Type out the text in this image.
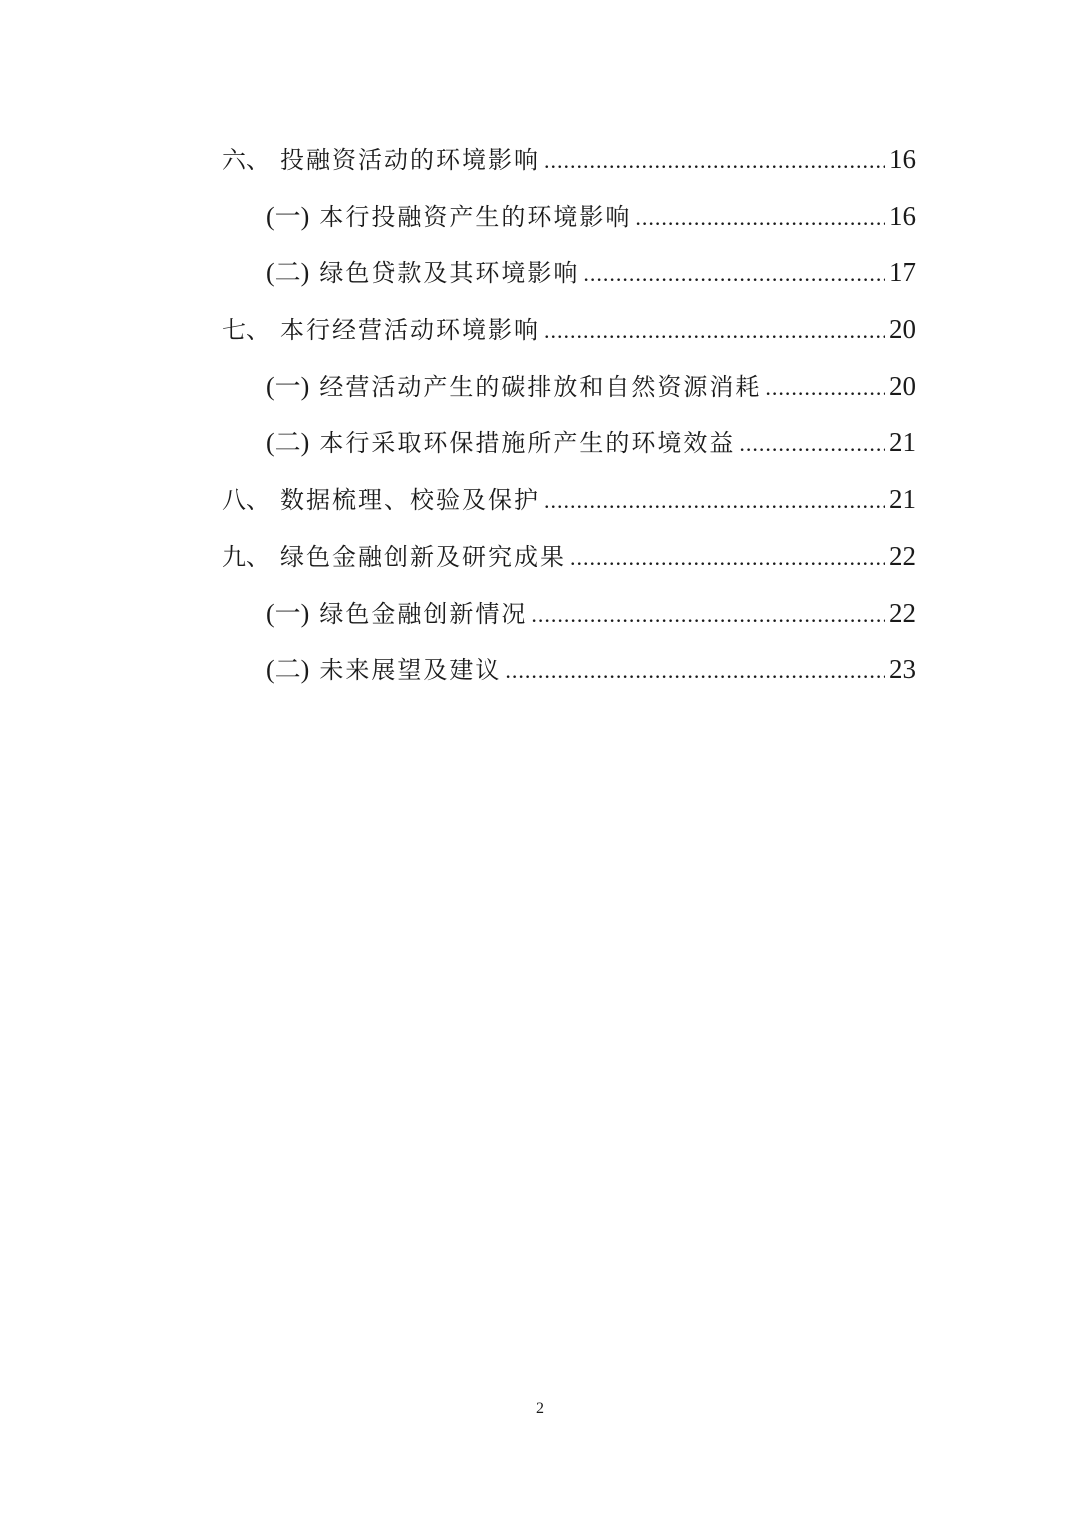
六、 投融资活动的环境影响 .....	16
(一) 本行投融资产生的环境影响 .....	16
(二) 绿色贷款及其环境影响 .....	17
七、 本行经营活动环境影响 .....	20
(一) 经营活动产生的碳排放和自然资源消耗 .....	20
(二) 本行采取环保措施所产生的环境效益 .....	21
八、 数据梳理、校验及保护 .....	21
九、 绿色金融创新及研究成果 .....	22
(一) 绿色金融创新情况 .....	22
(二) 未来展望及建议 .....	23
2
